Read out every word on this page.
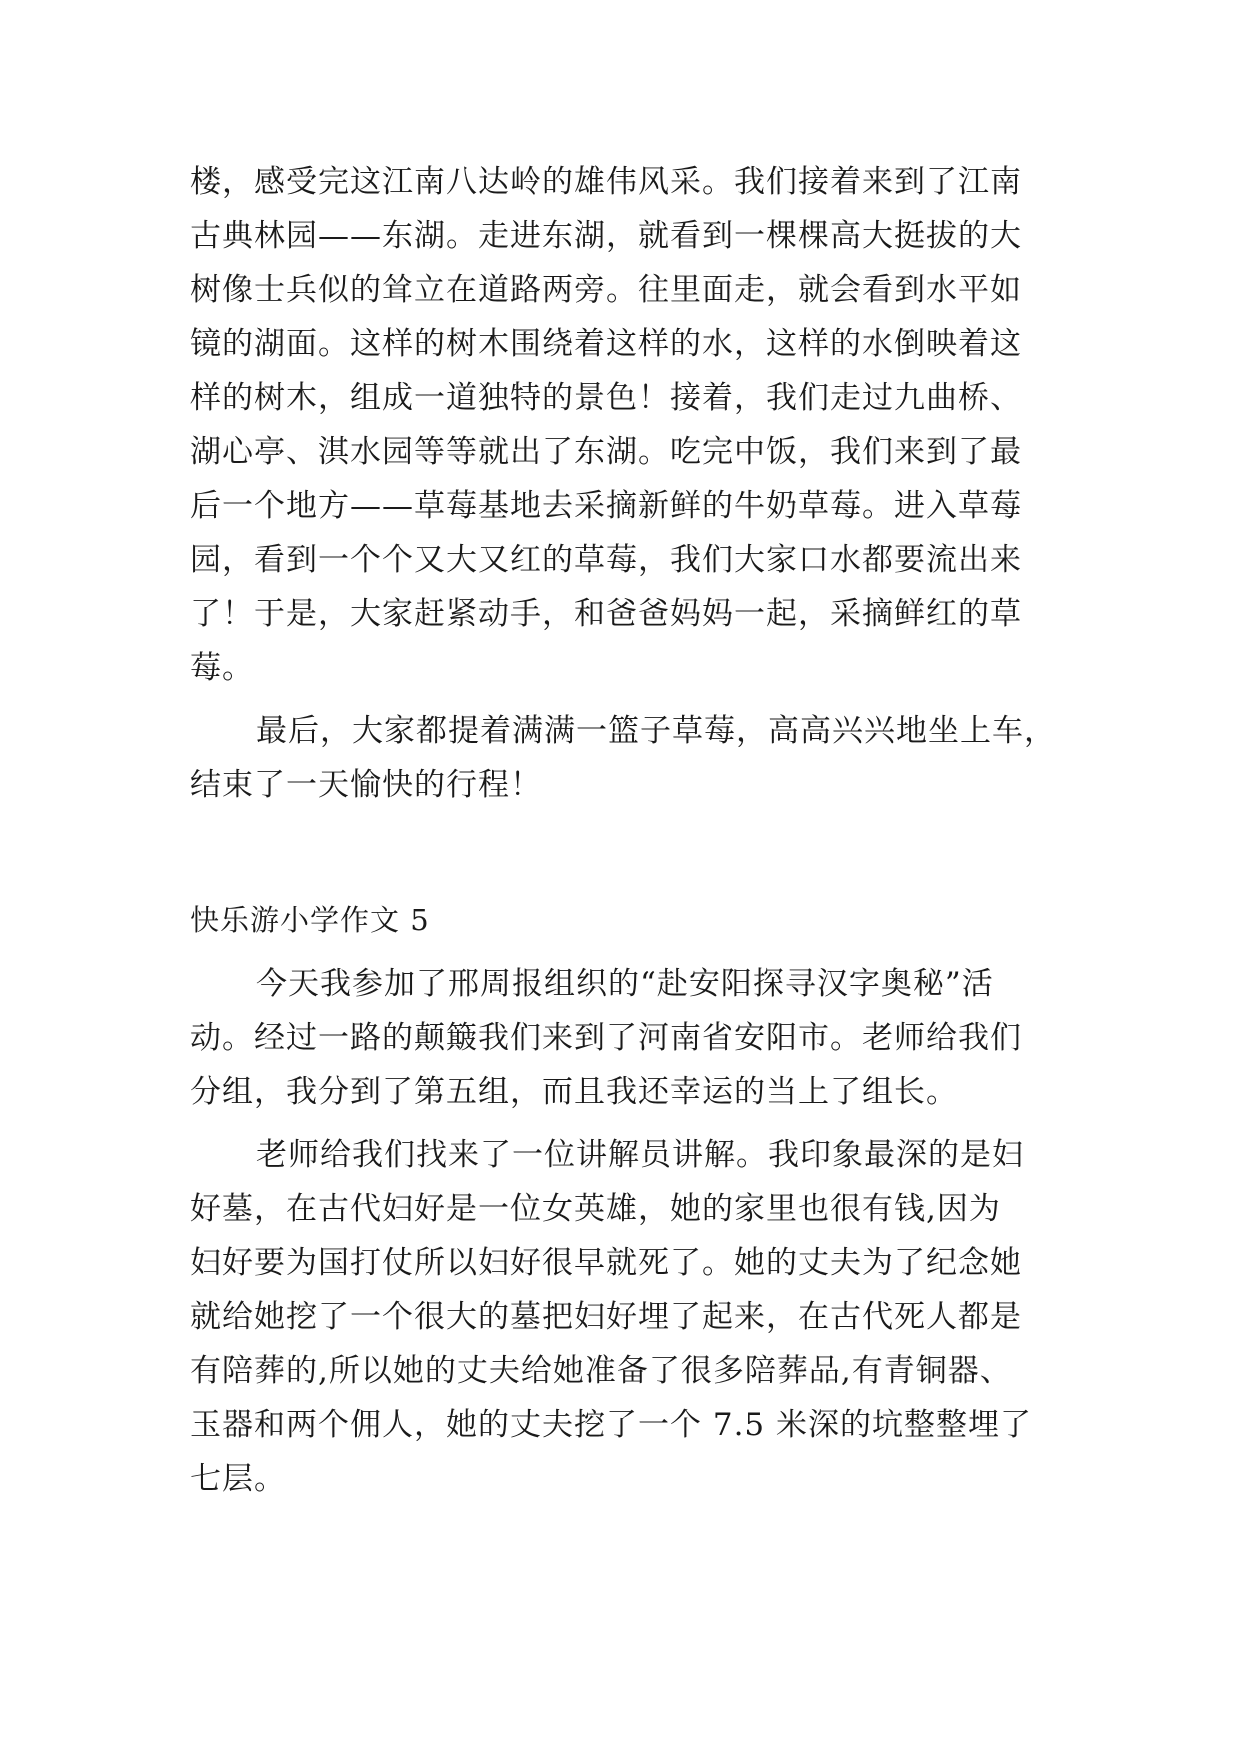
楼，感受完这江南八达岭的雄伟风采。我们接着来到了江南
古典林园——东湖。走进东湖，就看到一棵棵高大挺拔的大
树像士兵似的耸立在道路两旁。往里面走，就会看到水平如
镜的湖面。这样的树木围绕着这样的水，这样的水倒映着这
样的树木，组成一道独特的景色！接着，我们走过九曲桥、
湖心亭、淇水园等等就出了东湖。吃完中饭，我们来到了最
后一个地方——草莓基地去采摘新鲜的牛奶草莓。进入草莓
园，看到一个个又大又红的草莓，我们大家口水都要流出来
了！于是，大家赶紧动手，和爸爸妈妈一起，采摘鲜红的草
莓。
最后，大家都提着满满一篮子草莓，高高兴兴地坐上车，
结束了一天愉快的行程！
快乐游小学作文 5
今天我参加了邢周报组织的“赴安阳探寻汉字奥秘”活
动。经过一路的颠簸我们来到了河南省安阳市。老师给我们
分组，我分到了第五组，而且我还幸运的当上了组长。
老师给我们找来了一位讲解员讲解。我印象最深的是妇
好墓，在古代妇好是一位女英雄，她的家里也很有钱,因为
妇好要为国打仗所以妇好很早就死了。她的丈夫为了纪念她
就给她挖了一个很大的墓把妇好埋了起来，在古代死人都是
有陪葬的,所以她的丈夫给她准备了很多陪葬品,有青铜器、
玉器和两个佣人，她的丈夫挖了一个 7.5 米深的坑整整埋了
七层。
